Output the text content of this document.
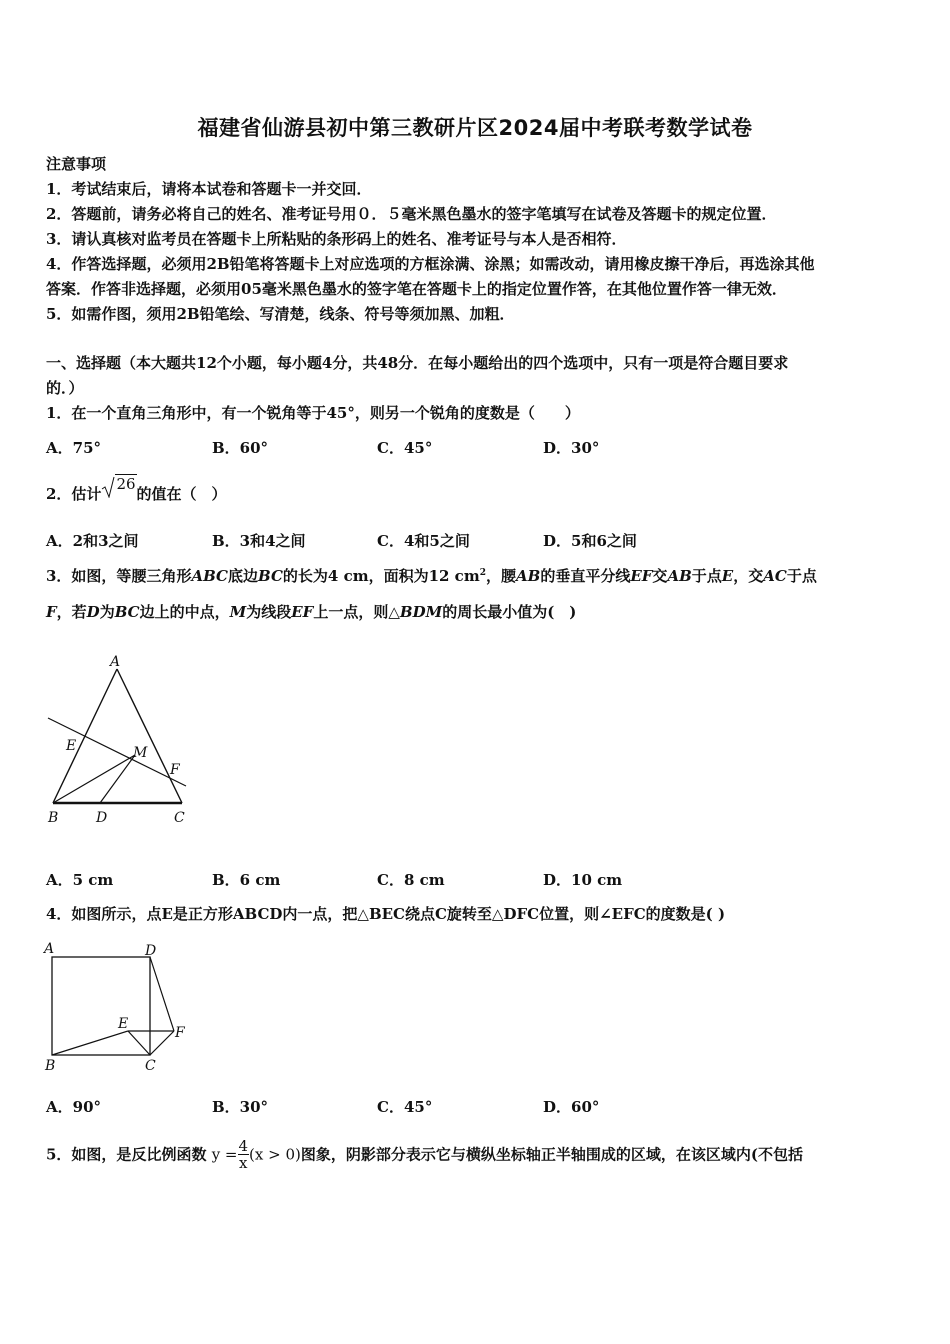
福建省仙游县初中第三教研片区2024届中考联考数学试卷
注意事项
1．考试结束后，请将本试卷和答题卡一并交回．
2．答题前，请务必将自己的姓名、准考证号用０．５毫米黑色墨水的签字笔填写在试卷及答题卡的规定位置．
3．请认真核对监考员在答题卡上所粘贴的条形码上的姓名、准考证号与本人是否相符．
4．作答选择题，必须用2B铅笔将答题卡上对应选项的方框涂满、涂黑；如需改动，请用橡皮擦干净后，再选涂其他
答案．作答非选择题，必须用05毫米黑色墨水的签字笔在答题卡上的指定位置作答，在其他位置作答一律无效．
5．如需作图，须用2B铅笔绘、写清楚，线条、符号等须加黑、加粗．
一、选择题（本大题共12个小题，每小题4分，共48分．在每小题给出的四个选项中，只有一项是符合题目要求
的．）
1．在一个直角三角形中，有一个锐角等于45°，则另一个锐角的度数是（　　）
A．75°	B．60°	C．45°	D．30°
2．估计
26的值在（　）
A．2和3之间	B．3和4之间	C．4和5之间	D．5和6之间
3．如图，等腰三角形ABC底边BC的长为4 cm，面积为12 $cm^2$，腰AB的垂直平分线EF交AB于点E，交AC于点
F，若D为BC边上的中点，M为线段EF上一点，则△BDM的周长最小值为(　)
A
E	M
F
B	D	C
A．5 cm	B．6 cm	C．8 cm	D．10 cm
4．如图所示，点E是正方形ABCD内一点，把△BEC绕点C旋转至△DFC位置，则∠EFC的度数是( )
A	D
E
F
B	C
A．90°	B．30°	C．45°	D．60°
5．如图，是反比例函数 $y = \frac{4}{x} (x > 0)$图象，阴影部分表示它与横纵坐标轴正半轴围成的区域，在该区域内(不包括
